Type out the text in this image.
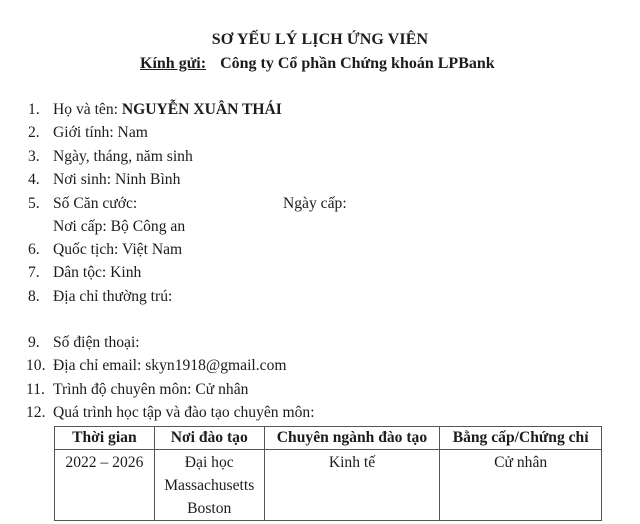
SƠ YẾU LÝ LỊCH ỨNG VIÊN
Kính gửi: Công ty Cổ phần Chứng khoán LPBank
1. Họ và tên: NGUYỄN XUÂN THÁI
2. Giới tính: Nam
3. Ngày, tháng, năm sinh
4. Nơi sinh: Ninh Bình
5. Số Căn cước:	Ngày cấp:
Nơi cấp: Bộ Công an
6. Quốc tịch: Việt Nam
7. Dân tộc: Kinh
8. Địa chỉ thường trú:
9. Số điện thoại:
10. Địa chỉ email: skyn1918@gmail.com
11. Trình độ chuyên môn: Cử nhân
12. Quá trình học tập và đào tạo chuyên môn:
Thời gian	Nơi đào tạo	Chuyên ngành đào tạo	Bằng cấp/Chứng chỉ
2022 – 2026	Đại học
Massachusetts
Boston	Kinh tế	Cử nhân
